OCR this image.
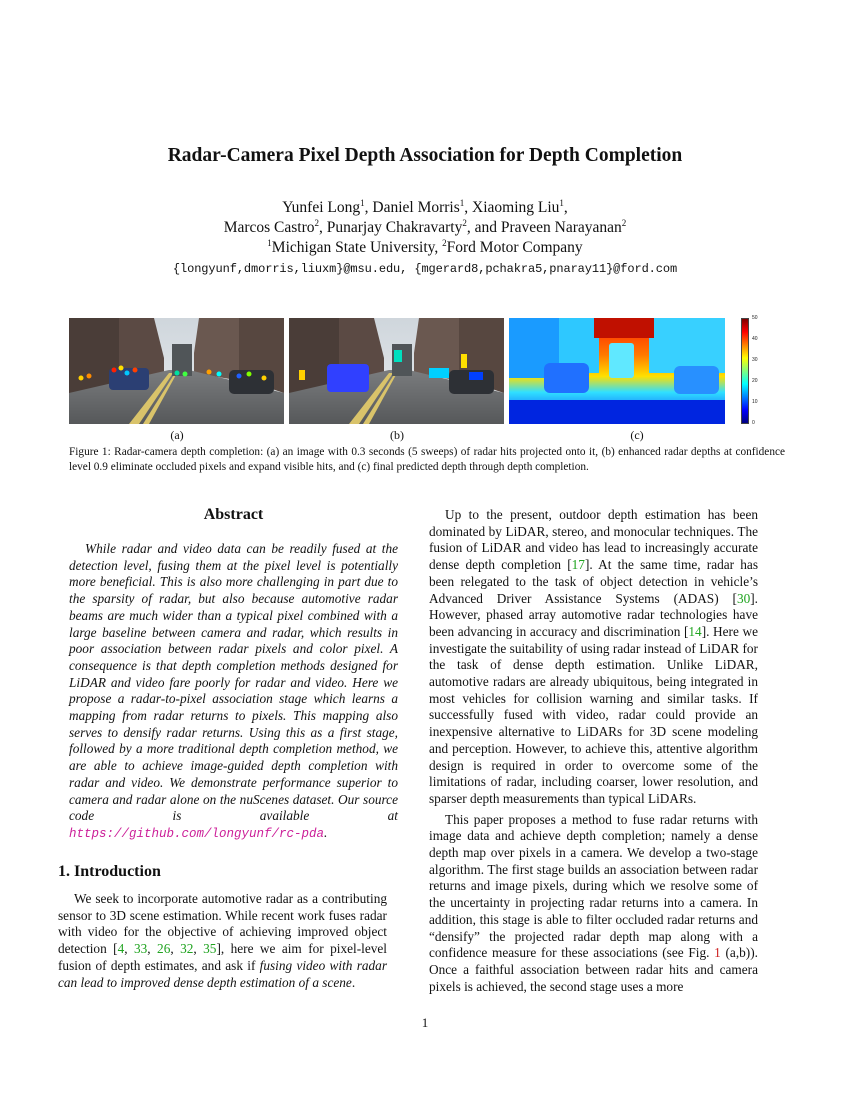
Radar-Camera Pixel Depth Association for Depth Completion
Yunfei Long$^1$, Daniel Morris$^1$, Xiaoming Liu$^1$,
Marcos Castro$^2$, Punarjay Chakravarty$^2$, and Praveen Narayanan$^2$
$^1$Michigan State University, $^2$Ford Motor Company
{longyunf,dmorris,liuxm}@msu.edu, {mgerard8,pchakra5,pnaray11}@ford.com
50
40
30
20
10
0
(a)	(b)	(c)
Figure 1: Radar-camera depth completion: (a) an image with 0.3 seconds (5 sweeps) of radar hits projected onto it, (b) enhanced radar depths at confidence level 0.9 eliminate occluded pixels and expand visible hits, and (c) final predicted depth through depth completion.
Abstract

While radar and video data can be readily fused at the detection level, fusing them at the pixel level is potentially more beneficial. This is also more challenging in part due to the sparsity of radar, but also because automotive radar beams are much wider than a typical pixel combined with a large baseline between camera and radar, which results in poor association between radar pixels and color pixel. A consequence is that depth completion methods designed for LiDAR and video fare poorly for radar and video. Here we propose a radar-to-pixel association stage which learns a mapping from radar returns to pixels. This mapping also serves to densify radar returns. Using this as a first stage, followed by a more traditional depth completion method, we are able to achieve image-guided depth completion with radar and video. We demonstrate performance superior to camera and radar alone on the nuScenes dataset. Our source code is available at https://github.com/longyunf/rc-pda.

1. Introduction

We seek to incorporate automotive radar as a contributing sensor to 3D scene estimation. While recent work fuses radar with video for the objective of achieving improved object detection [4, 33, 26, 32, 35], here we aim for pixel-level fusion of depth estimates, and ask if fusing video with radar can lead to improved dense depth estimation of a scene.

Up to the present, outdoor depth estimation has been dominated by LiDAR, stereo, and monocular techniques. The fusion of LiDAR and video has lead to increasingly accurate dense depth completion [17]. At the same time, radar has been relegated to the task of object detection in vehicle’s Advanced Driver Assistance Systems (ADAS) [30]. However, phased array automotive radar technologies have been advancing in accuracy and discrimination [14]. Here we investigate the suitability of using radar instead of LiDAR for the task of dense depth estimation. Unlike LiDAR, automotive radars are already ubiquitous, being integrated in most vehicles for collision warning and similar tasks. If successfully fused with video, radar could provide an inexpensive alternative to LiDARs for 3D scene modeling and perception. However, to achieve this, attentive algorithm design is required in order to overcome some of the limitations of radar, including coarser, lower resolution, and sparser depth measurements than typical LiDARs.

This paper proposes a method to fuse radar returns with image data and achieve depth completion; namely a dense depth map over pixels in a camera. We develop a two-stage algorithm. The first stage builds an association between radar returns and image pixels, during which we resolve some of the uncertainty in projecting radar returns into a camera. In addition, this stage is able to filter occluded radar returns and “densify” the projected radar depth map along with a confidence measure for these associations (see Fig. 1 (a,b)). Once a faithful association between radar hits and camera pixels is achieved, the second stage uses a more

1
